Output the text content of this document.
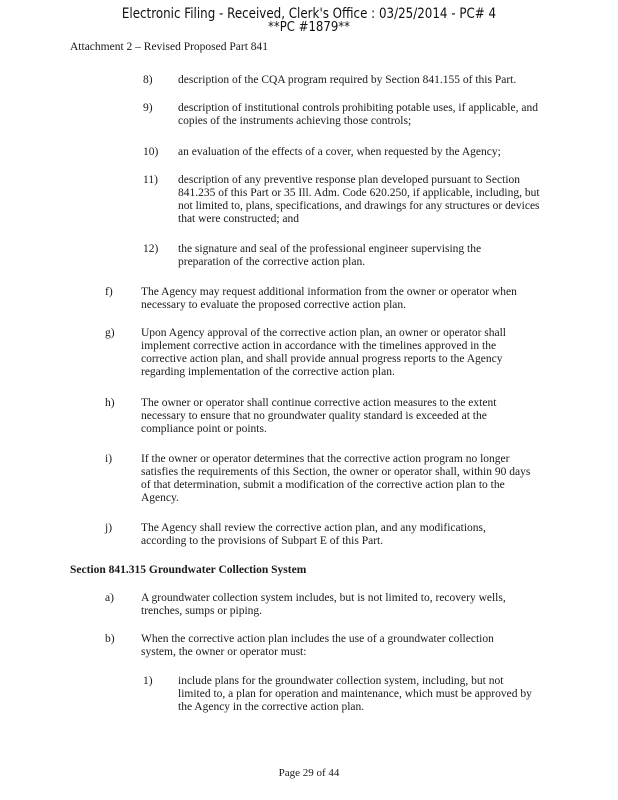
Electronic Filing - Received, Clerk's Office : 03/25/2014 - PC# 4
**PC #1879**
Attachment 2 – Revised Proposed Part 841
8) description of the CQA program required by Section 841.155 of this Part.
9) description of institutional controls prohibiting potable uses, if applicable, and copies of the instruments achieving those controls;
10) an evaluation of the effects of a cover, when requested by the Agency;
11) description of any preventive response plan developed pursuant to Section 841.235 of this Part or 35 Ill. Adm. Code 620.250, if applicable, including, but not limited to, plans, specifications, and drawings for any structures or devices that were constructed; and
12) the signature and seal of the professional engineer supervising the preparation of the corrective action plan.
f) The Agency may request additional information from the owner or operator when necessary to evaluate the proposed corrective action plan.
g) Upon Agency approval of the corrective action plan, an owner or operator shall implement corrective action in accordance with the timelines approved in the corrective action plan, and shall provide annual progress reports to the Agency regarding implementation of the corrective action plan.
h) The owner or operator shall continue corrective action measures to the extent necessary to ensure that no groundwater quality standard is exceeded at the compliance point or points.
i)	If the owner or operator determines that the corrective action program no longer satisfies the requirements of this Section, the owner or operator shall, within 90 days of that determination, submit a modification of the corrective action plan to the Agency.
j)	The Agency shall review the corrective action plan, and any modifications, according to the provisions of Subpart E of this Part.
Section 841.315 Groundwater Collection System
a) A groundwater collection system includes, but is not limited to, recovery wells, trenches, sumps or piping.
b) When the corrective action plan includes the use of a groundwater collection system, the owner or operator must:
1) include plans for the groundwater collection system, including, but not limited to, a plan for operation and maintenance, which must be approved by the Agency in the corrective action plan.
Page 29 of 44
